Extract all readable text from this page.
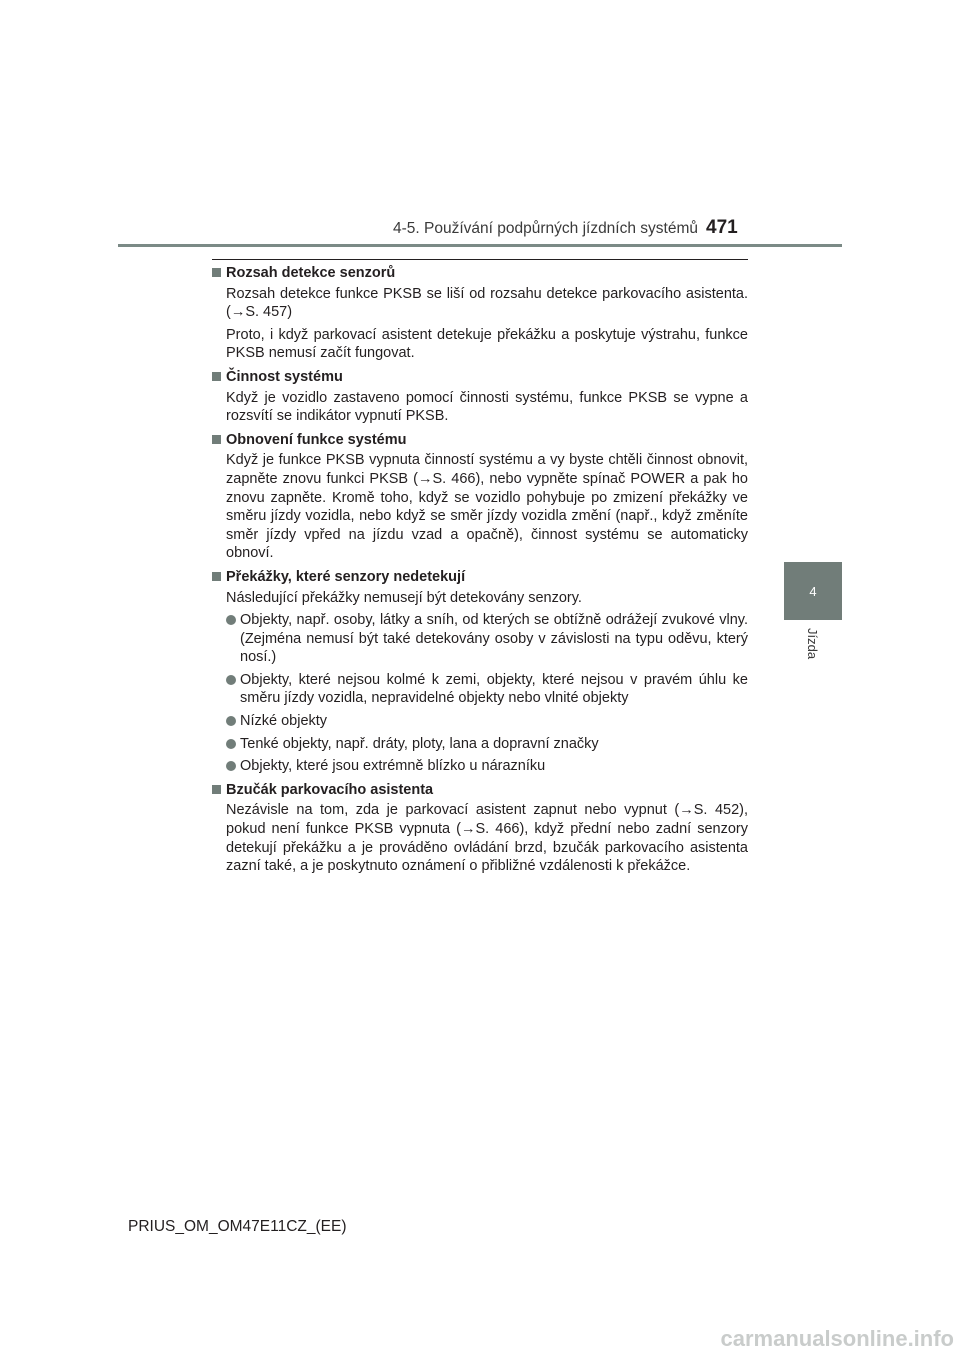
4-5. Používání podpůrných jízdních systémů 471
4
Jízda
Rozsah detekce senzorů
Rozsah detekce funkce PKSB se liší od rozsahu detekce parkovacího asistenta. (→S. 457)
Proto, i když parkovací asistent detekuje překážku a poskytuje výstrahu, funkce PKSB nemusí začít fungovat.
Činnost systému
Když je vozidlo zastaveno pomocí činnosti systému, funkce PKSB se vypne a rozsvítí se indikátor vypnutí PKSB.
Obnovení funkce systému
Když je funkce PKSB vypnuta činností systému a vy byste chtěli činnost obnovit, zapněte znovu funkci PKSB (→S. 466), nebo vypněte spínač POWER a pak ho znovu zapněte. Kromě toho, když se vozidlo pohybuje po zmizení překážky ve směru jízdy vozidla, nebo když se směr jízdy vozidla změní (např., když změníte směr jízdy vpřed na jízdu vzad a opačně), činnost systému se automaticky obnoví.
Překážky, které senzory nedetekují
Následující překážky nemusejí být detekovány senzory.
Objekty, např. osoby, látky a sníh, od kterých se obtížně odrážejí zvukové vlny. (Zejména nemusí být také detekovány osoby v závislosti na typu oděvu, který nosí.)
Objekty, které nejsou kolmé k zemi, objekty, které nejsou v pravém úhlu ke směru jízdy vozidla, nepravidelné objekty nebo vlnité objekty
Nízké objekty
Tenké objekty, např. dráty, ploty, lana a dopravní značky
Objekty, které jsou extrémně blízko u nárazníku
Bzučák parkovacího asistenta
Nezávisle na tom, zda je parkovací asistent zapnut nebo vypnut (→S. 452), pokud není funkce PKSB vypnuta (→S. 466), když přední nebo zadní senzory detekují překážku a je prováděno ovládání brzd, bzučák parkovacího asistenta zazní také, a je poskytnuto oznámení o přibližné vzdálenosti k překážce.
PRIUS_OM_OM47E11CZ_(EE)
carmanualsonline.info
